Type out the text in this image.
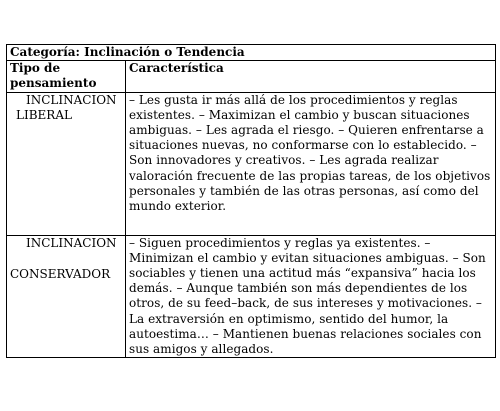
Categoría: Inclinación o Tendencia	
Tipo de pensamiento	Característica

INCLINACION
LIBERAL	– Les gusta ir más allá de los procedimientos y reglas existentes. – Maximizan el cambio y buscan situaciones ambiguas. – Les agrada el riesgo. – Quieren enfrentarse a situaciones nuevas, no conformarse con lo establecido. – Son innovadores y creativos. – Les agrada realizar valoración frecuente de las propias tareas, de los objetivos personales y también de las otras personas, así como del mundo exterior.

INCLINACION
CONSERVADOR	– Siguen procedimientos y reglas ya existentes. – Minimizan el cambio y evitan situaciones ambiguas. – Son sociables y tienen una actitud más “expansiva” hacia los demás. – Aunque también son más dependientes de los otros, de su feed–back, de sus intereses y motivaciones. – La extraversión en optimismo, sentido del humor, la autoestima… – Mantienen buenas relaciones sociales con sus amigos y allegados.
